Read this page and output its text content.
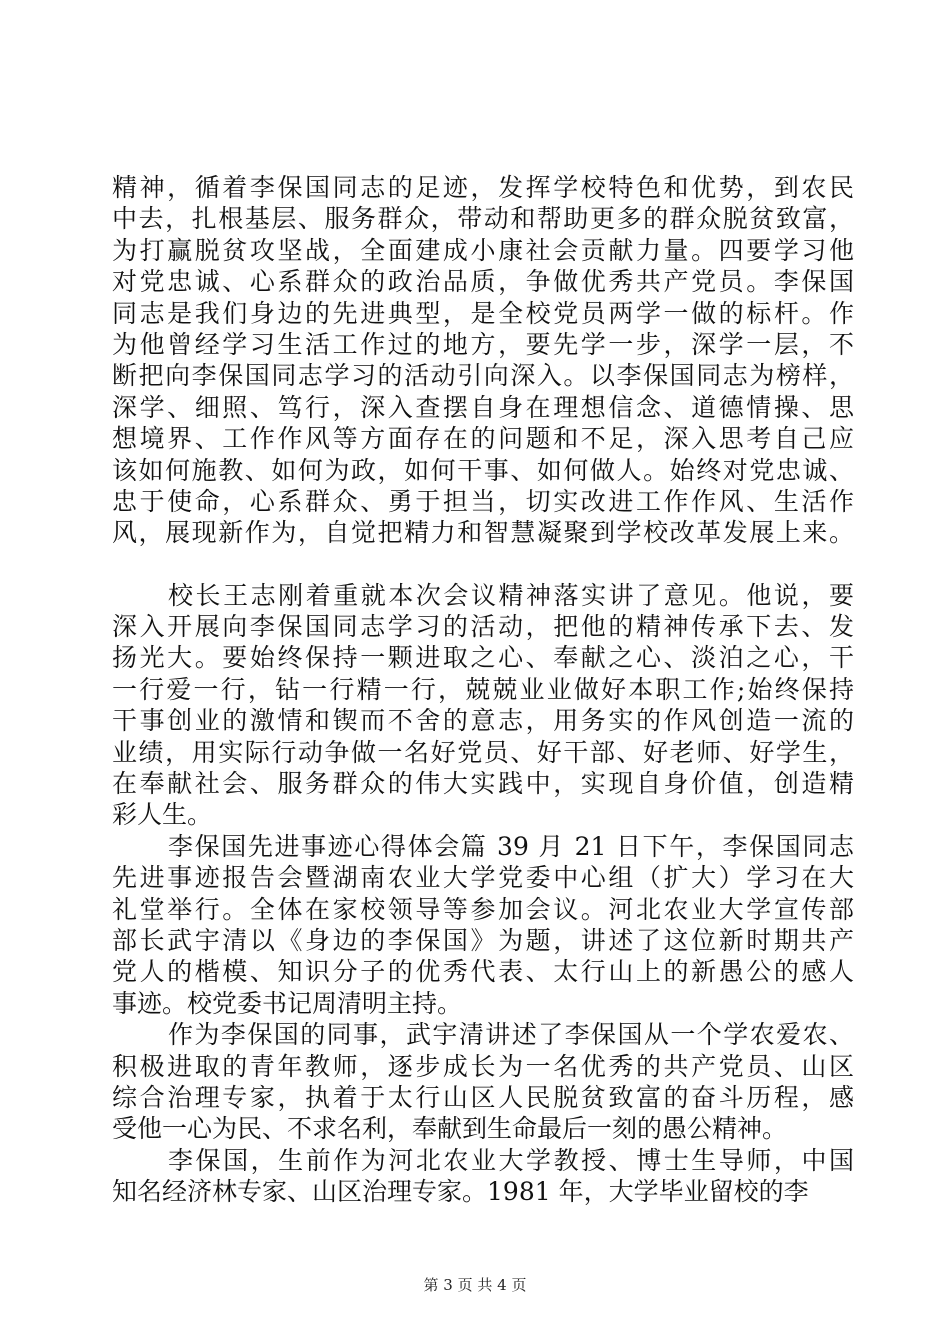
精神，循着李保国同志的足迹，发挥学校特色和优势，到农民
中去，扎根基层、服务群众，带动和帮助更多的群众脱贫致富，
为打赢脱贫攻坚战，全面建成小康社会贡献力量。四要学习他
对党忠诚、心系群众的政治品质，争做优秀共产党员。李保国
同志是我们身边的先进典型，是全校党员两学一做的标杆。作
为他曾经学习生活工作过的地方，要先学一步，深学一层，不
断把向李保国同志学习的活动引向深入。以李保国同志为榜样，
深学、细照、笃行，深入查摆自身在理想信念、道德情操、思
想境界、工作作风等方面存在的问题和不足，深入思考自己应
该如何施教、如何为政，如何干事、如何做人。始终对党忠诚、
忠于使命，心系群众、勇于担当，切实改进工作作风、生活作
风，展现新作为，自觉把精力和智慧凝聚到学校改革发展上来。
校长王志刚着重就本次会议精神落实讲了意见。他说，要
深入开展向李保国同志学习的活动，把他的精神传承下去、发
扬光大。要始终保持一颗进取之心、奉献之心、淡泊之心，干
一行爱一行，钻一行精一行，兢兢业业做好本职工作;始终保持
干事创业的激情和锲而不舍的意志，用务实的作风创造一流的
业绩，用实际行动争做一名好党员、好干部、好老师、好学生，
在奉献社会、服务群众的伟大实践中，实现自身价值，创造精
彩人生。
李保国先进事迹心得体会篇 39 月 21 日下午，李保国同志
先进事迹报告会暨湖南农业大学党委中心组（扩大）学习在大
礼堂举行。全体在家校领导等参加会议。河北农业大学宣传部
部长武宇清以《身边的李保国》为题，讲述了这位新时期共产
党人的楷模、知识分子的优秀代表、太行山上的新愚公的感人
事迹。校党委书记周清明主持。
作为李保国的同事，武宇清讲述了李保国从一个学农爱农、
积极进取的青年教师，逐步成长为一名优秀的共产党员、山区
综合治理专家，执着于太行山区人民脱贫致富的奋斗历程，感
受他一心为民、不求名利，奉献到生命最后一刻的愚公精神。
李保国，生前作为河北农业大学教授、博士生导师，中国
知名经济林专家、山区治理专家。1981 年，大学毕业留校的李
第 3 页 共 4 页
